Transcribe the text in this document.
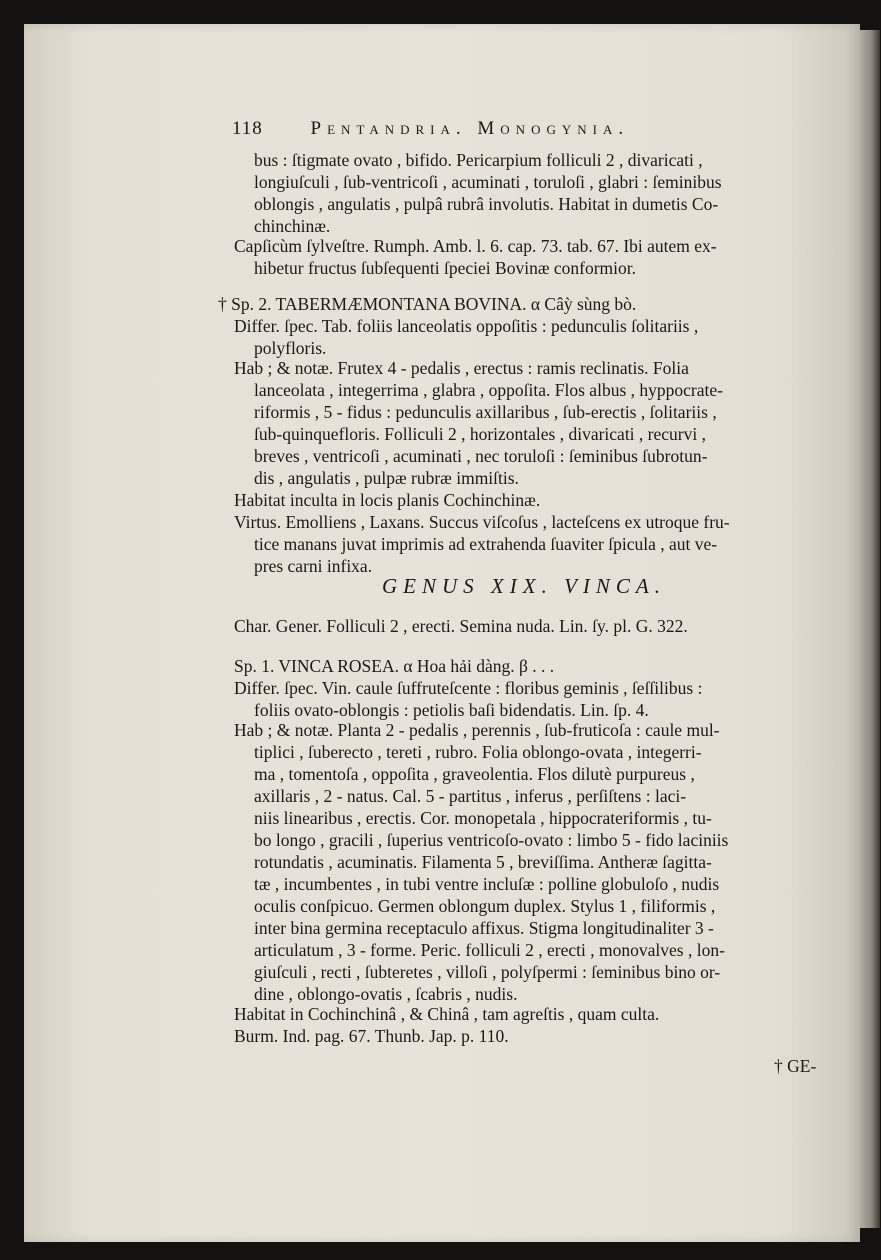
118	Pentandria. Monogynia.
bus : ſtigmate ovato , bifido. Pericarpium folliculi 2 , divaricati ,
longiuſculi , ſub-ventricoſi , acuminati , toruloſi , glabri : ſeminibus
oblongis , angulatis , pulpâ rubrâ involutis. Habitat in dumetis Co-
chinchinæ.
Capſicùm ſylveſtre. Rumph. Amb. l. 6. cap. 73. tab. 67. Ibi autem ex-
hibetur fructus ſubſequenti ſpeciei Bovinæ conformior.
† Sp. 2. TABERMÆMONTANA BOVINA. α Câỳ sùng bò.
Differ. ſpec. Tab. foliis lanceolatis oppoſitis : pedunculis ſolitariis ,
polyfloris.
Hab ; & notæ. Frutex 4 - pedalis , erectus : ramis reclinatis. Folia
lanceolata , integerrima , glabra , oppoſita. Flos albus , hyppocrate-
riformis , 5 - fidus : pedunculis axillaribus , ſub-erectis , ſolitariis ,
ſub-quinquefloris. Folliculi 2 , horizontales , divaricati , recurvi ,
breves , ventricoſi , acuminati , nec toruloſi : ſeminibus ſubrotun-
dis , angulatis , pulpæ rubræ immiſtis.
Habitat inculta in locis planis Cochinchinæ.
Virtus. Emolliens , Laxans. Succus viſcoſus , lacteſcens ex utroque fru-
tice manans juvat imprimis ad extrahenda ſuaviter ſpicula , aut ve-
pres carni infixa.
Char. Gener. Folliculi 2 , erecti. Semina nuda. Lin. ſy. pl. G. 322.
Sp. 1. VINCA ROSEA. α Hoa hải dàng. β . . .
Differ. ſpec. Vin. caule ſuffruteſcente : floribus geminis , ſeſſilibus :
foliis ovato-oblongis : petiolis baſi bidendatis. Lin. ſp. 4.
Hab ; & notæ. Planta 2 - pedalis , perennis , ſub-fruticoſa : caule mul-
tiplici , ſuberecto , tereti , rubro. Folia oblongo-ovata , integerri-
ma , tomentoſa , oppoſita , graveolentia. Flos dilutè purpureus ,
axillaris , 2 - natus. Cal. 5 - partitus , inferus , perſiſtens : laci-
niis linearibus , erectis. Cor. monopetala , hippocrateriformis , tu-
bo longo , gracili , ſuperius ventricoſo-ovato : limbo 5 - fido laciniis
rotundatis , acuminatis. Filamenta 5 , breviſſima. Antheræ ſagitta-
tæ , incumbentes , in tubi ventre incluſæ : polline globuloſo , nudis
oculis conſpicuo. Germen oblongum duplex. Stylus 1 , filiformis ,
inter bina germina receptaculo affixus. Stigma longitudinaliter 3 -
articulatum , 3 - forme. Peric. folliculi 2 , erecti , monovalves , lon-
giuſculi , recti , ſubteretes , villoſi , polyſpermi : ſeminibus bino or-
dine , oblongo-ovatis , ſcabris , nudis.
Habitat in Cochinchinâ , & Chinâ , tam agreſtis , quam culta.
Burm. Ind. pag. 67. Thunb. Jap. p. 110.
† GE-
GENUS XIX. VINCA.
